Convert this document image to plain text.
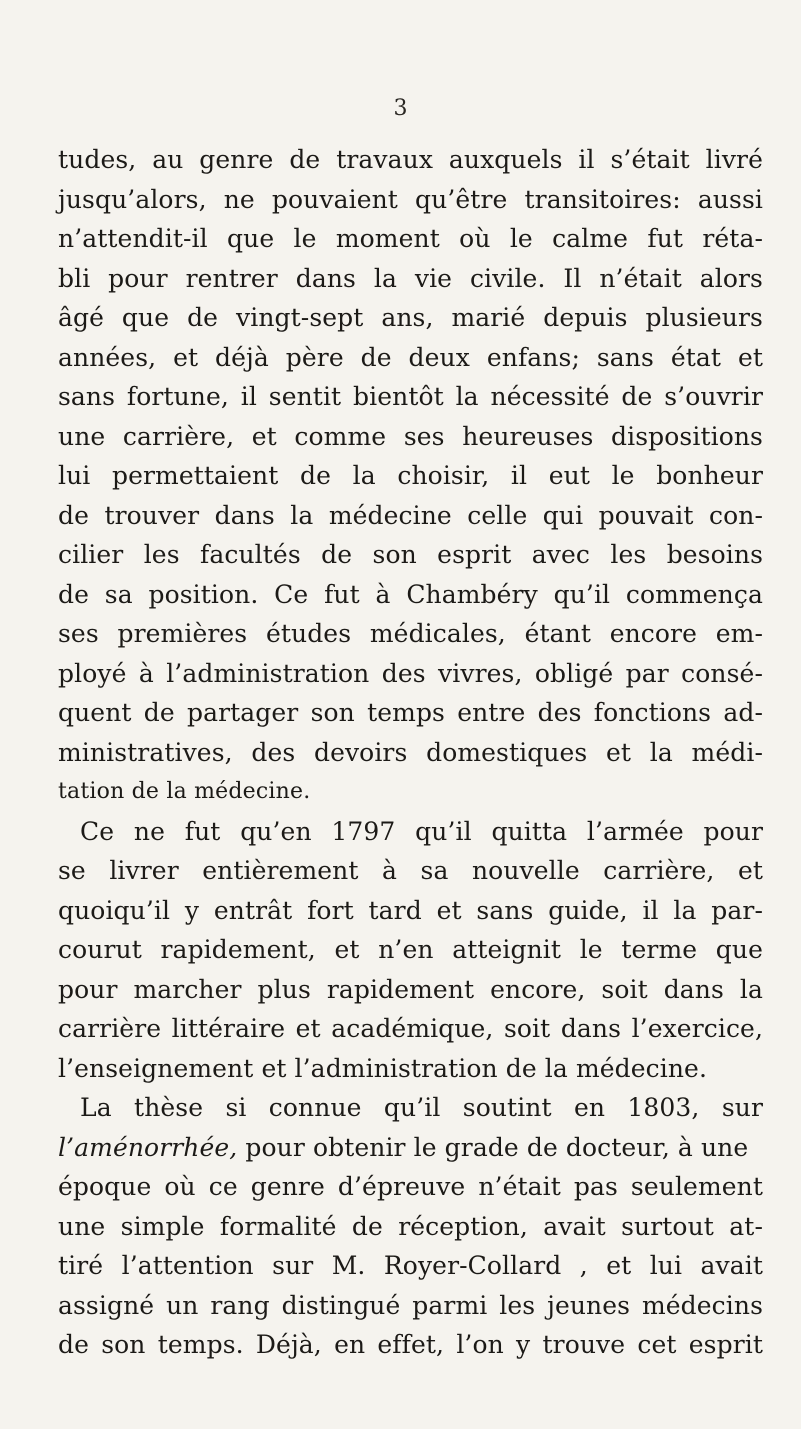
3
tudes, au genre de travaux auxquels il s’était livré
jusqu’alors, ne pouvaient qu’être transitoires: aussi
n’attendit-il que le moment où le calme fut réta-
bli pour rentrer dans la vie civile. Il n’était alors
âgé que de vingt-sept ans, marié depuis plusieurs
années, et déjà père de deux enfans; sans état et
sans fortune, il sentit bientôt la nécessité de s’ouvrir
une carrière, et comme ses heureuses dispositions
lui permettaient de la choisir, il eut le bonheur
de trouver dans la médecine celle qui pouvait con-
cilier les facultés de son esprit avec les besoins
de sa position. Ce fut à Chambéry qu’il commença
ses premières études médicales, étant encore em-
ployé à l’administration des vivres, obligé par consé-
quent de partager son temps entre des fonctions ad-
ministratives, des devoirs domestiques et la médi-
tation de la médecine.
Ce ne fut qu’en 1797 qu’il quitta l’armée pour
se livrer entièrement à sa nouvelle carrière, et
quoiqu’il y entrât fort tard et sans guide, il la par-
courut rapidement, et n’en atteignit le terme que
pour marcher plus rapidement encore, soit dans la
carrière littéraire et académique, soit dans l’exercice,
l’enseignement et l’administration de la médecine.
La thèse si connue qu’il soutint en 1803, sur
l’aménorrhée, pour obtenir le grade de docteur, à une
époque où ce genre d’épreuve n’était pas seulement
une simple formalité de réception, avait surtout at-
tiré l’attention sur M. Royer-Collard , et lui avait
assigné un rang distingué parmi les jeunes médecins
de son temps. Déjà, en effet, l’on y trouve cet esprit
